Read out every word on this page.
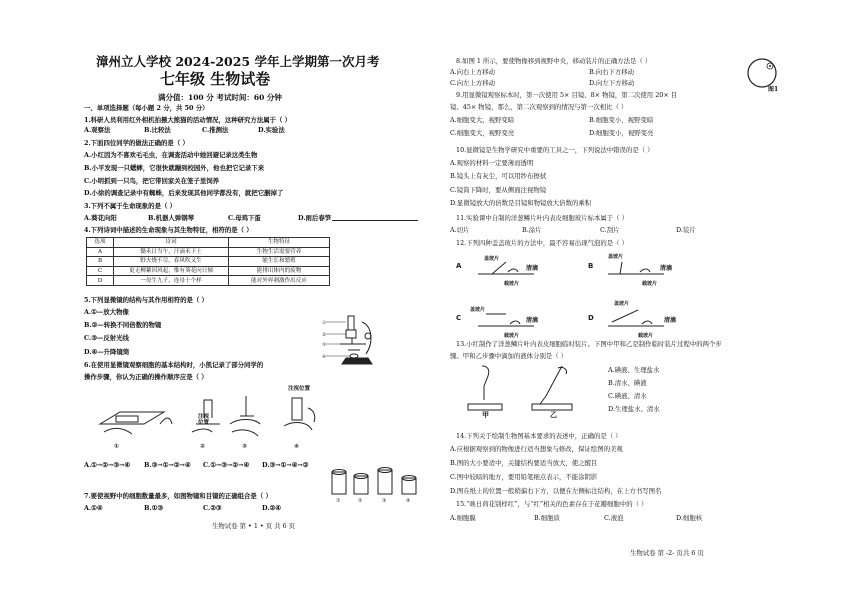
漳州立人学校 2024-2025 学年上学期第一次月考
七年级 生物试卷
满分值：100 分 考试时间：60 分钟
一、单项选择题（每小题 2 分，共 50 分）
1.科研人员利用红外相机拍摄大熊猫的活动情况，这种研究方法属于（ ）
A.观察法	B.比较法	C.推测法	D.实验法
2.下面四位同学的做法正确的是（ ）
A.小红因为不喜欢毛毛虫，在调查活动中她回避记录这类生物
B.小平发现一只蟋蟀，它很快就蹦到校园外，他也把它记录下来
C.小明抓到一只鸟，把它带回家关在笼子里饲养
D.小徐的调查记录中有蜘蛛，后来发现其他同学都没有，就把它删掉了
3.下列不属于生命现象的是（ ）
A.葵花向阳	B.机器人弹钢琴	C.母鸡下蛋	D.雨后春笋
4.下列诗词中描述的生命现象与其生物特征，相符的是（ ）
选项	诗词	生物特征
A	锄禾日当午，汗滴禾下土	生物生活需要营养
B	野火烧不尽，春风吹又生	能生长和繁殖
C	更无柳絮因风起，惟有葵花向日倾	能排出体内的废物
D	一母生九子，连母十个样	能对外界刺激作出反应
5.下列显微镜的结构与其作用相符的是（ ）
A.①—放大物像
B.②—转换不同倍数的物镜
C.③—反射光线
D.④—升降镜筒
①
②
③
④
6.在使用显微镜观察细胞的基本结构时，小凯记录了部分同学的
操作步骤，你认为正确的操作顺序应是（ ）
注视位置
注视位置
①	②	③	④
A.①→②→③→④ B.③→①→②→④ C.①→③→②→④ D.③→①→④→②
①	②	③	④
7.要使视野中的细胞数量最多，如图物镜和目镜的正确组合是（ ）
A.①④	B.①③	C.②③	D.②④
生物试卷 第 • 1 • 页 共 6 页
8.如图 1 所示，要使物像移到视野中央，移动装片的正确方法是（ ）
A.向右上方移动	B.向右下方移动
C.向左上方移动	D.向左下方移动
图1
9.用显微镜观察标本时，第一次使用 5× 目镜、8× 物镜，第二次使用 20× 目
镜、45× 物镜，那么，第二次观察到的情况与第一次相比（ ）
A.细胞变大，视野变暗	B.细胞变小，视野变暗
C.细胞变大，视野变亮	D.细胞变小，视野变亮
10.显微镜是生物学研究中重要的工具之一，下列说法中错误的是（ ）
A.观察的材料一定要薄而透明
B.镜头上有灰尘，可以用纱布擦拭
C.镜筒下降时，要从侧面注视物镜
D.显微镜放大的倍数是目镜和物镜放大倍数的乘积
11.实验课中自制的洋葱鳞片叶内表皮细胞玻片标本属于（ ）
A.切片	B.涂片	C.刮片	D.装片
12.下列四种盖盖玻片的方法中，最不容易出现气泡的是（ ）
A	B
C	D
盖玻片
清滴
载玻片
盖玻片
清滴
载玻片
盖玻片
清滴
载玻片
盖玻片
清滴
载玻片
13.小红制作了洋葱鳞片叶内表皮细胞临时装片。下图中甲和乙是制作临时装片过程中的两个步
骤。甲和乙步骤中滴加的液体分别是（ ）
甲	乙
A.碘液、生理盐水
B.清水、碘液
C.碘液、清水
D.生理盐水、清水
14.下列关于绘制生物图基本要求的表述中，正确的是（ ）
A.应根据观察到的物像进行适当想象与修改，保证绘图的美观
B.图的大小要适中，关键结构要适当放大，使之醒目
C.图中较暗的地方，要用铅笔细点表示，不能涂阴影
D.图在纸上的位置一般稍偏右下方，以便在左侧标注结构，在上方书写图名
15.“映日荷花别样红”，与“红”相关的色素存在于花瓣细胞中的（ ）
A.细胞膜	B.细胞质	C.液泡	D.细胞核
生物试卷 第 -2- 页共 6 页
